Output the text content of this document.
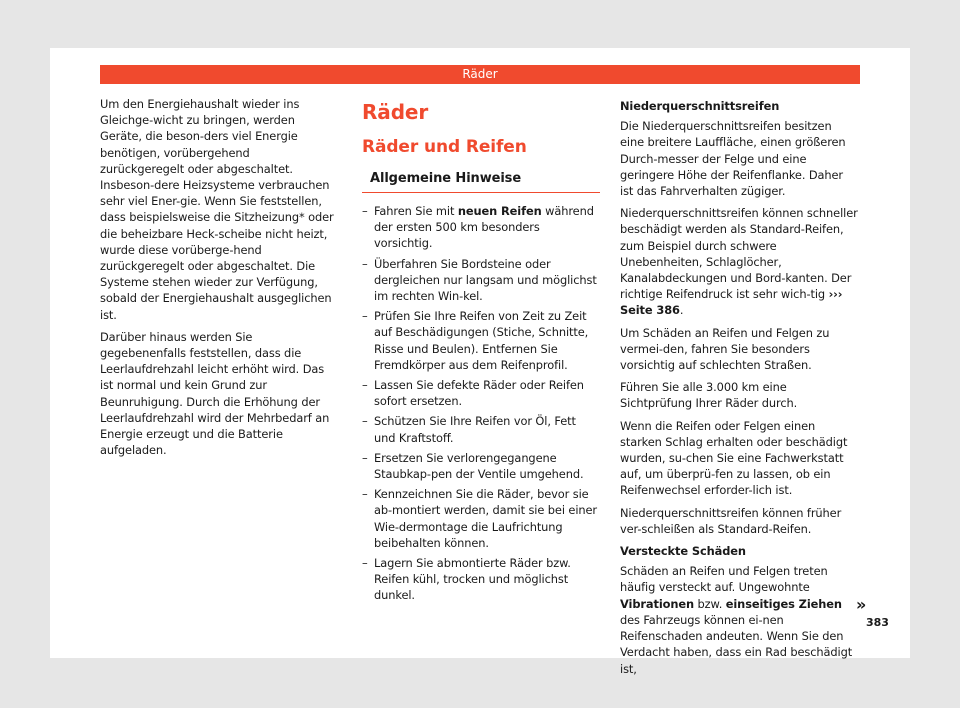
Räder

Um den Energiehaushalt wieder ins Gleichge-wicht zu bringen, werden Geräte, die beson-ders viel Energie benötigen, vorübergehend zurückgeregelt oder abgeschaltet. Insbeson-dere Heizsysteme verbrauchen sehr viel Ener-gie. Wenn Sie feststellen, dass beispielsweise die Sitzheizung* oder die beheizbare Heck-scheibe nicht heizt, wurde diese vorüberge-hend zurückgeregelt oder abgeschaltet. Die Systeme stehen wieder zur Verfügung, sobald der Energiehaushalt ausgeglichen ist.

Darüber hinaus werden Sie gegebenenfalls feststellen, dass die Leerlaufdrehzahl leicht erhöht wird. Das ist normal und kein Grund zur Beunruhigung. Durch die Erhöhung der Leerlaufdrehzahl wird der Mehrbedarf an Energie erzeugt und die Batterie aufgeladen.

Räder
Räder und Reifen
Allgemeine Hinweise
– Fahren Sie mit neuen Reifen während der ersten 500 km besonders vorsichtig.
– Überfahren Sie Bordsteine oder dergleichen nur langsam und möglichst im rechten Win-kel.
– Prüfen Sie Ihre Reifen von Zeit zu Zeit auf Beschädigungen (Stiche, Schnitte, Risse und Beulen). Entfernen Sie Fremdkörper aus dem Reifenprofil.
– Lassen Sie defekte Räder oder Reifen sofort ersetzen.
– Schützen Sie Ihre Reifen vor Öl, Fett und Kraftstoff.
– Ersetzen Sie verlorengegangene Staubkap-pen der Ventile umgehend.
– Kennzeichnen Sie die Räder, bevor sie ab-montiert werden, damit sie bei einer Wie-dermontage die Laufrichtung beibehalten können.
– Lagern Sie abmontierte Räder bzw. Reifen kühl, trocken und möglichst dunkel.

Niederquerschnittsreifen

Die Niederquerschnittsreifen besitzen eine breitere Lauffläche, einen größeren Durch-messer der Felge und eine geringere Höhe der Reifenflanke. Daher ist das Fahrverhalten zügiger.

Niederquerschnittsreifen können schneller beschädigt werden als Standard-Reifen, zum Beispiel durch schwere Unebenheiten, Schlaglöcher, Kanalabdeckungen und Bord-kanten. Der richtige Reifendruck ist sehr wich-tig ››› Seite 386.

Um Schäden an Reifen und Felgen zu vermei-den, fahren Sie besonders vorsichtig auf schlechten Straßen.

Führen Sie alle 3.000 km eine Sichtprüfung Ihrer Räder durch.

Wenn die Reifen oder Felgen einen starken Schlag erhalten oder beschädigt wurden, su-chen Sie eine Fachwerkstatt auf, um überprü-fen zu lassen, ob ein Reifenwechsel erforder-lich ist.

Niederquerschnittsreifen können früher ver-schleißen als Standard-Reifen.

Versteckte Schäden

Schäden an Reifen und Felgen treten häufig versteckt auf. Ungewohnte Vibrationen bzw. einseitiges Ziehen des Fahrzeugs können ei-nen Reifenschaden andeuten. Wenn Sie den Verdacht haben, dass ein Rad beschädigt ist,

»
383
